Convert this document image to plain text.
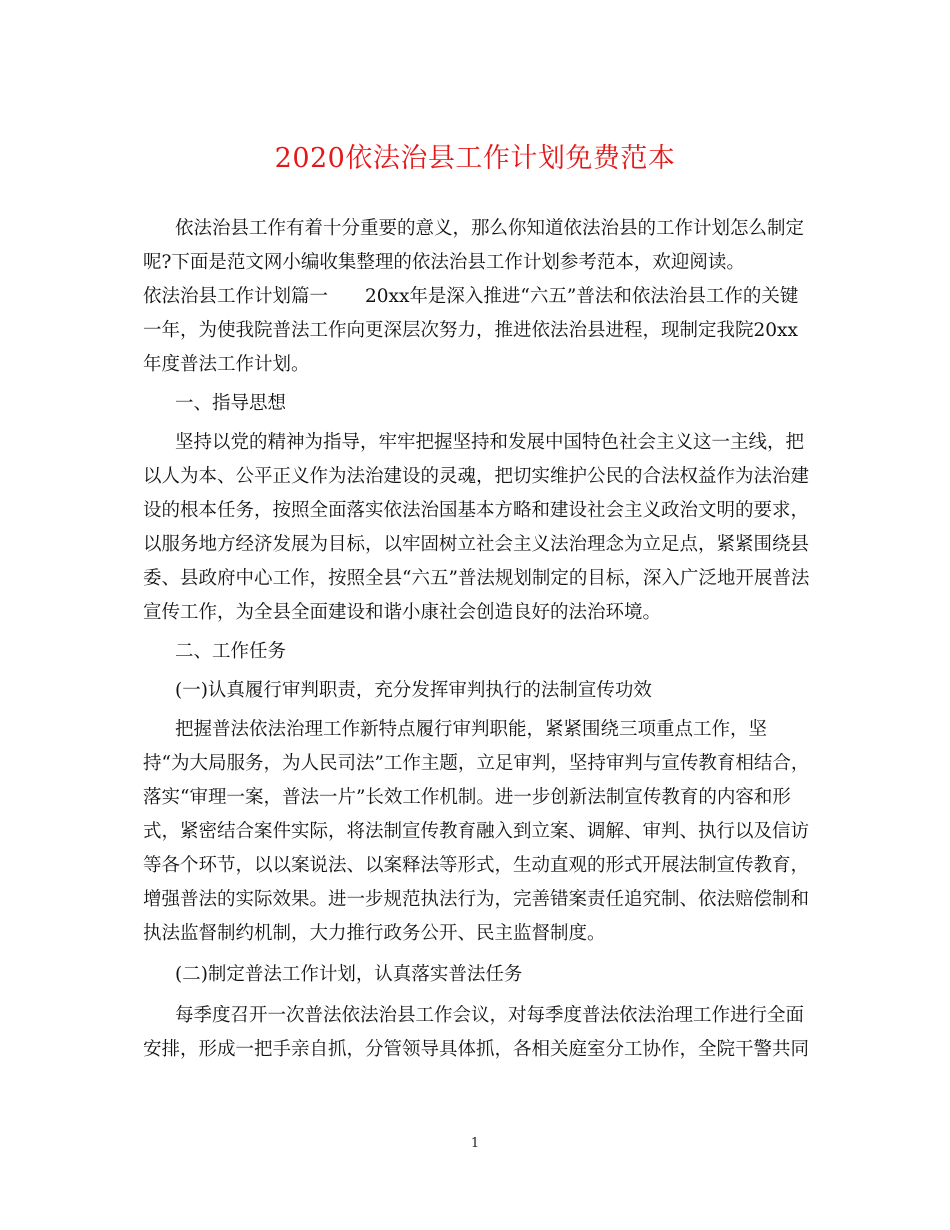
2020依法治县工作计划免费范本
依法治县工作有着十分重要的意义，那么你知道依法治县的工作计划怎么制定
呢?下面是范文网小编收集整理的依法治县工作计划参考范本，欢迎阅读。
依法治县工作计划篇一　　20xx年是深入推进“六五”普法和依法治县工作的关键
一年，为使我院普法工作向更深层次努力，推进依法治县进程，现制定我院20xx
年度普法工作计划。
一、指导思想
坚持以党的精神为指导，牢牢把握坚持和发展中国特色社会主义这一主线，把
以人为本、公平正义作为法治建设的灵魂，把切实维护公民的合法权益作为法治建
设的根本任务，按照全面落实依法治国基本方略和建设社会主义政治文明的要求，
以服务地方经济发展为目标，以牢固树立社会主义法治理念为立足点，紧紧围绕县
委、县政府中心工作，按照全县“六五”普法规划制定的目标，深入广泛地开展普法
宣传工作，为全县全面建设和谐小康社会创造良好的法治环境。
二、工作任务
(一)认真履行审判职责，充分发挥审判执行的法制宣传功效
把握普法依法治理工作新特点履行审判职能，紧紧围绕三项重点工作，坚
持“为大局服务，为人民司法”工作主题，立足审判，坚持审判与宣传教育相结合，
落实“审理一案，普法一片”长效工作机制。进一步创新法制宣传教育的内容和形
式，紧密结合案件实际，将法制宣传教育融入到立案、调解、审判、执行以及信访
等各个环节，以以案说法、以案释法等形式，生动直观的形式开展法制宣传教育，
增强普法的实际效果。进一步规范执法行为，完善错案责任追究制、依法赔偿制和
执法监督制约机制，大力推行政务公开、民主监督制度。
(二)制定普法工作计划，认真落实普法任务
每季度召开一次普法依法治县工作会议，对每季度普法依法治理工作进行全面
安排，形成一把手亲自抓，分管领导具体抓，各相关庭室分工协作，全院干警共同
1
